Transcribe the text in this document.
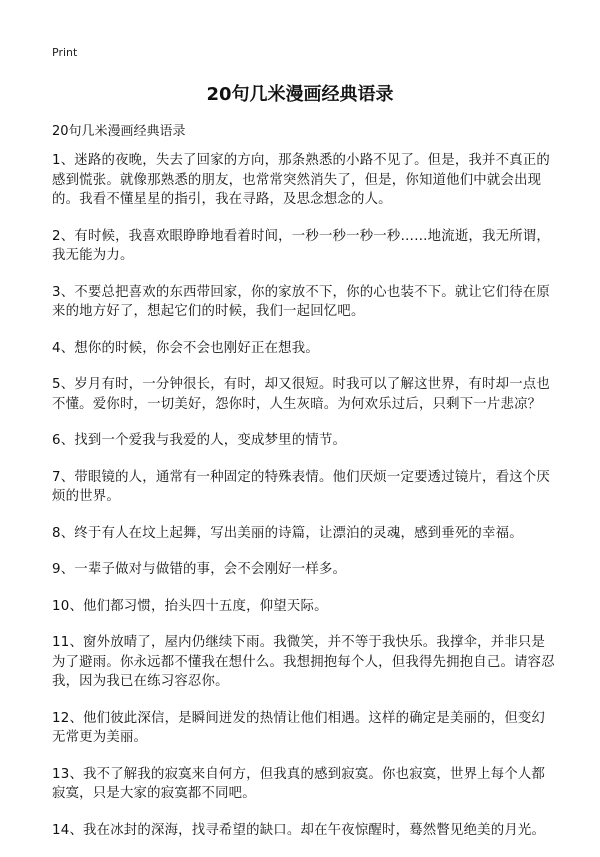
Print
20句几米漫画经典语录
20句几米漫画经典语录
1、迷路的夜晚，失去了回家的方向，那条熟悉的小路不见了。但是，我并不真正的感到慌张。就像那熟悉的朋友，也常常突然消失了，但是，你知道他们中就会出现的。我看不懂星星的指引，我在寻路，及思念想念的人。
2、有时候，我喜欢眼睁睁地看着时间，一秒一秒一秒一秒……地流逝，我无所谓，我无能为力。
3、不要总把喜欢的东西带回家，你的家放不下，你的心也装不下。就让它们待在原来的地方好了，想起它们的时候，我们一起回忆吧。
4、想你的时候，你会不会也刚好正在想我。
5、岁月有时，一分钟很长，有时，却又很短。时我可以了解这世界，有时却一点也不懂。爱你时，一切美好，怨你时，人生灰暗。为何欢乐过后，只剩下一片悲凉？
6、找到一个爱我与我爱的人，变成梦里的情节。
7、带眼镜的人，通常有一种固定的特殊表情。他们厌烦一定要透过镜片，看这个厌烦的世界。
8、终于有人在坟上起舞，写出美丽的诗篇，让漂泊的灵魂，感到垂死的幸福。
9、一辈子做对与做错的事，会不会刚好一样多。
10、他们都习惯，抬头四十五度，仰望天际。
11、窗外放晴了，屋内仍继续下雨。我微笑，并不等于我快乐。我撑伞，并非只是为了避雨。你永远都不懂我在想什么。我想拥抱每个人，但我得先拥抱自己。请容忍我，因为我已在练习容忍你。
12、他们彼此深信，是瞬间迸发的热情让他们相遇。这样的确定是美丽的，但变幻无常更为美丽。
13、我不了解我的寂寞来自何方，但我真的感到寂寞。你也寂寞，世界上每个人都寂寞，只是大家的寂寞都不同吧。
14、我在冰封的深海，找寻希望的缺口。却在午夜惊醒时，蓦然瞥见绝美的月光。
